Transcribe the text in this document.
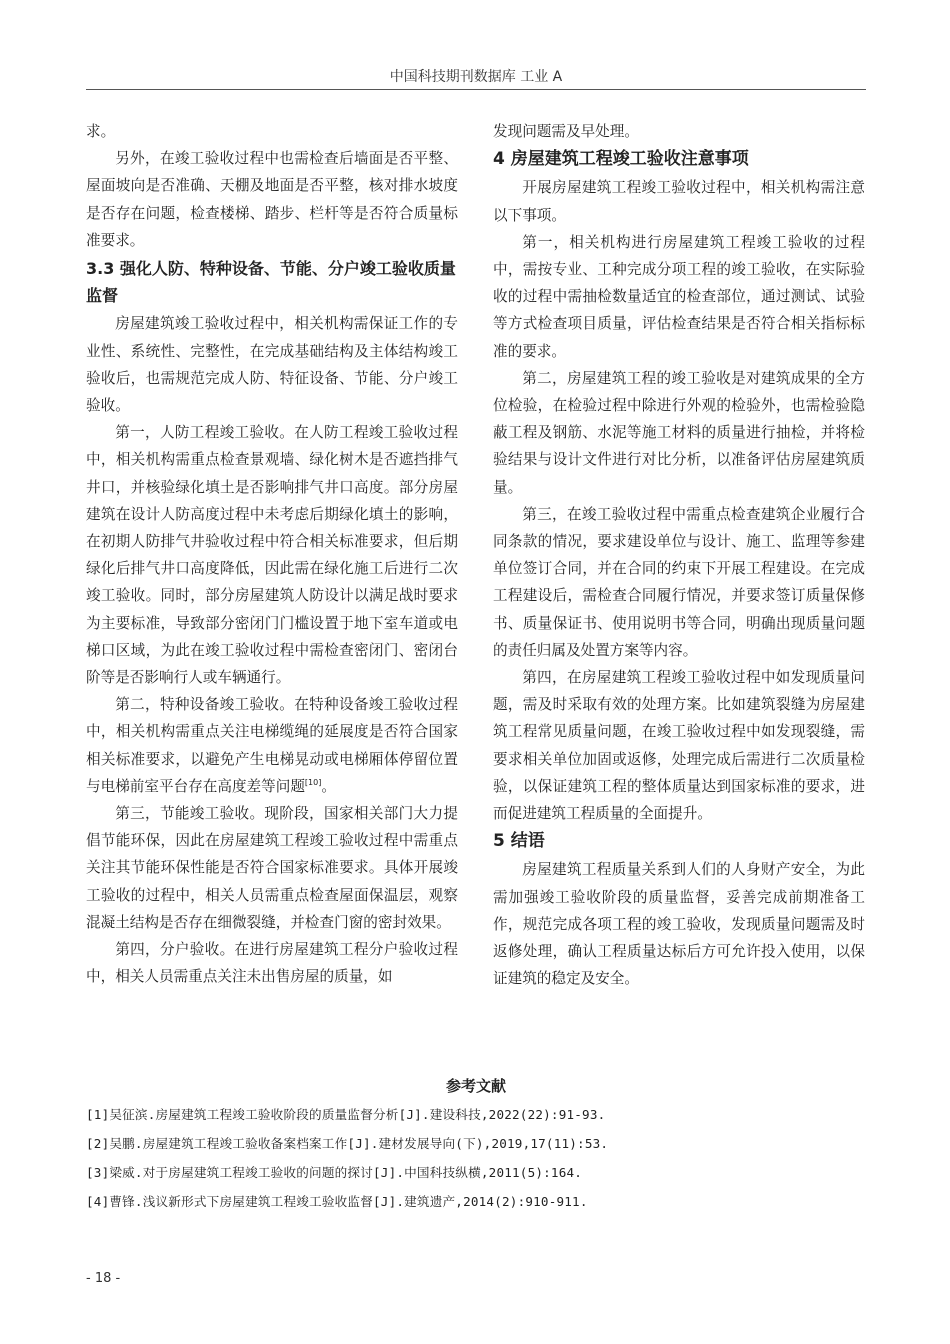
中国科技期刊数据库 工业 A

求。

另外，在竣工验收过程中也需检查后墙面是否平整、屋面坡向是否准确、天棚及地面是否平整，核对排水坡度是否存在问题，检查楼梯、踏步、栏杆等是否符合质量标准要求。

3.3 强化人防、特种设备、节能、分户竣工验收质量监督

房屋建筑竣工验收过程中，相关机构需保证工作的专业性、系统性、完整性，在完成基础结构及主体结构竣工验收后，也需规范完成人防、特征设备、节能、分户竣工验收。

第一，人防工程竣工验收。在人防工程竣工验收过程中，相关机构需重点检查景观墙、绿化树木是否遮挡排气井口，并核验绿化填土是否影响排气井口高度。部分房屋建筑在设计人防高度过程中未考虑后期绿化填土的影响，在初期人防排气井验收过程中符合相关标准要求，但后期绿化后排气井口高度降低，因此需在绿化施工后进行二次竣工验收。同时，部分房屋建筑人防设计以满足战时要求为主要标准，导致部分密闭门门槛设置于地下室车道或电梯口区域，为此在竣工验收过程中需检查密闭门、密闭台阶等是否影响行人或车辆通行。

第二，特种设备竣工验收。在特种设备竣工验收过程中，相关机构需重点关注电梯缆绳的延展度是否符合国家相关标准要求，以避免产生电梯晃动或电梯厢体停留位置与电梯前室平台存在高度差等问题[10]。

第三，节能竣工验收。现阶段，国家相关部门大力提倡节能环保，因此在房屋建筑工程竣工验收过程中需重点关注其节能环保性能是否符合国家标准要求。具体开展竣工验收的过程中，相关人员需重点检查屋面保温层，观察混凝土结构是否存在细微裂缝，并检查门窗的密封效果。

第四，分户验收。在进行房屋建筑工程分户验收过程中，相关人员需重点关注未出售房屋的质量，如

发现问题需及早处理。

4 房屋建筑工程竣工验收注意事项

开展房屋建筑工程竣工验收过程中，相关机构需注意以下事项。

第一，相关机构进行房屋建筑工程竣工验收的过程中，需按专业、工种完成分项工程的竣工验收，在实际验收的过程中需抽检数量适宜的检查部位，通过测试、试验等方式检查项目质量，评估检查结果是否符合相关指标标准的要求。

第二，房屋建筑工程的竣工验收是对建筑成果的全方位检验，在检验过程中除进行外观的检验外，也需检验隐蔽工程及钢筋、水泥等施工材料的质量进行抽检，并将检验结果与设计文件进行对比分析，以准备评估房屋建筑质量。

第三，在竣工验收过程中需重点检查建筑企业履行合同条款的情况，要求建设单位与设计、施工、监理等参建单位签订合同，并在合同的约束下开展工程建设。在完成工程建设后，需检查合同履行情况，并要求签订质量保修书、质量保证书、使用说明书等合同，明确出现质量问题的责任归属及处置方案等内容。

第四，在房屋建筑工程竣工验收过程中如发现质量问题，需及时采取有效的处理方案。比如建筑裂缝为房屋建筑工程常见质量问题，在竣工验收过程中如发现裂缝，需要求相关单位加固或返修，处理完成后需进行二次质量检验，以保证建筑工程的整体质量达到国家标准的要求，进而促进建筑工程质量的全面提升。

5 结语

房屋建筑工程质量关系到人们的人身财产安全，为此需加强竣工验收阶段的质量监督，妥善完成前期准备工作，规范完成各项工程的竣工验收，发现质量问题需及时返修处理，确认工程质量达标后方可允许投入使用，以保证建筑的稳定及安全。

参考文献

[1]吴征滨.房屋建筑工程竣工验收阶段的质量监督分析[J].建设科技,2022(22):91-93.

[2]吴鹏.房屋建筑工程竣工验收备案档案工作[J].建材发展导向(下),2019,17(11):53.

[3]梁威.对于房屋建筑工程竣工验收的问题的探讨[J].中国科技纵横,2011(5):164.

[4]曹锋.浅议新形式下房屋建筑工程竣工验收监督[J].建筑遗产,2014(2):910-911.

- 18 -
